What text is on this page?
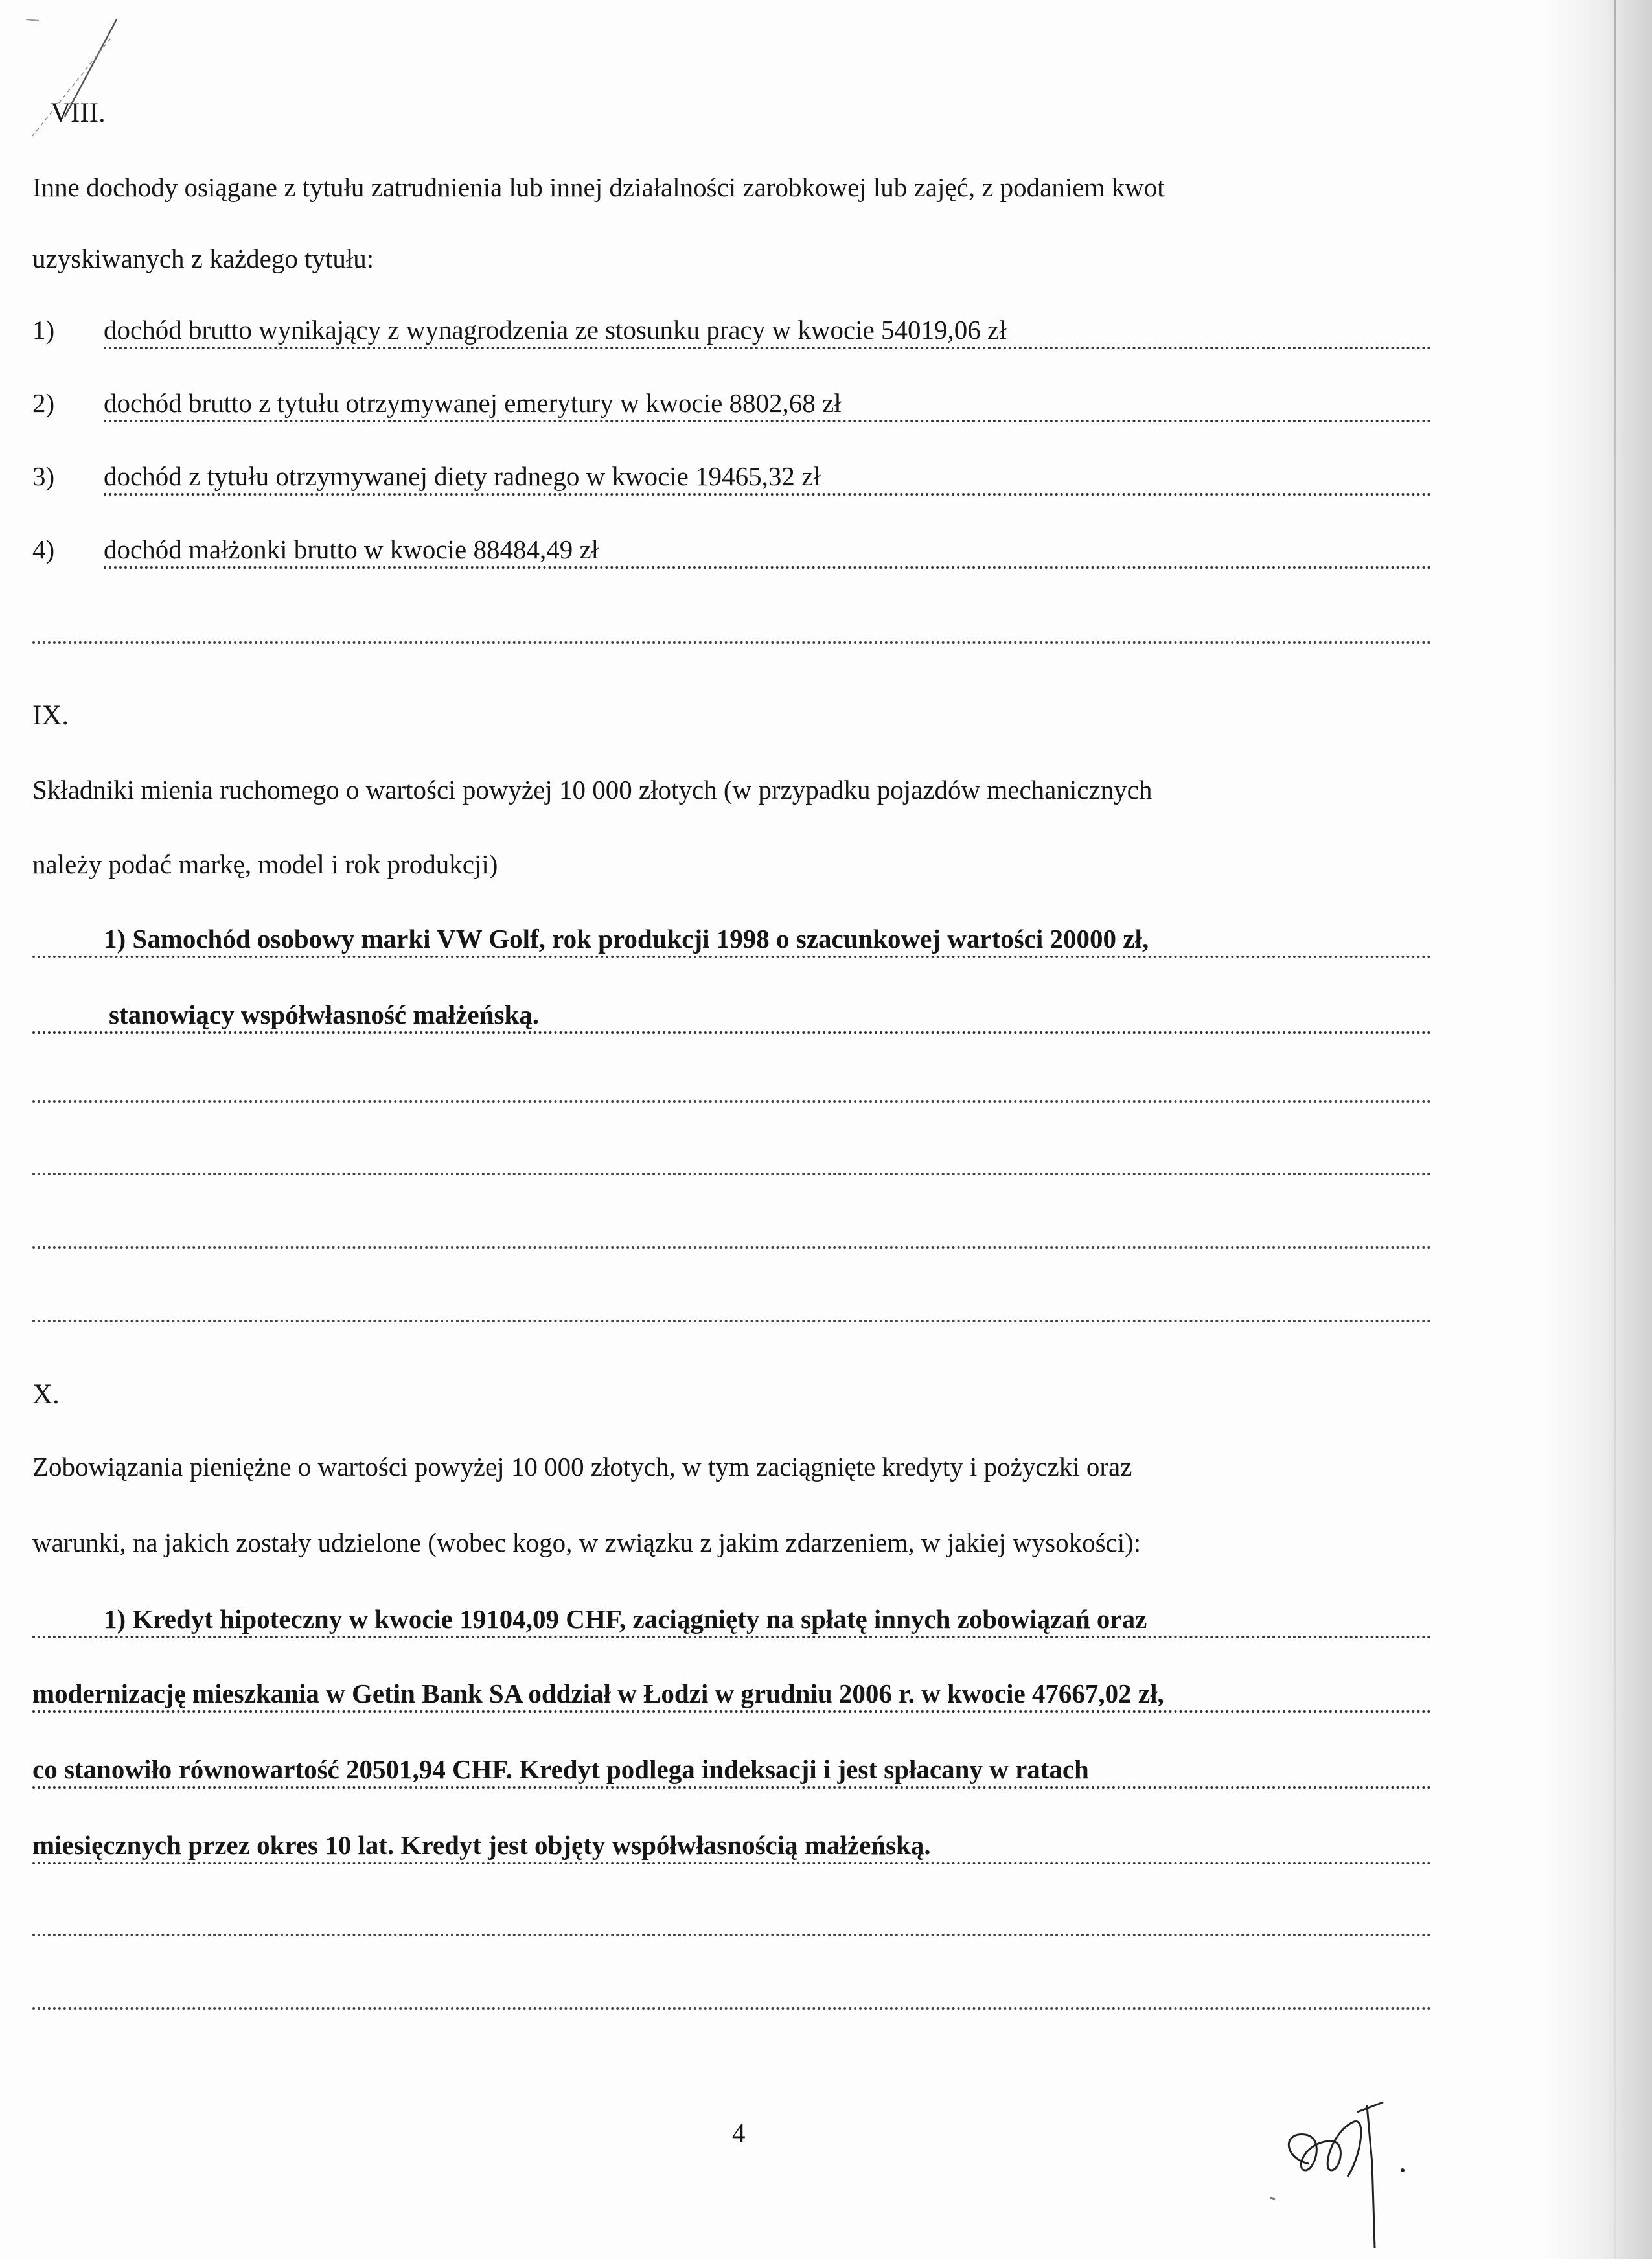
VIII.
Inne dochody osiągane z tytułu zatrudnienia lub innej działalności zarobkowej lub zajęć, z podaniem kwot
uzyskiwanych z każdego tytułu:
1) dochód brutto wynikający z wynagrodzenia ze stosunku pracy w kwocie 54019,06 zł
2) dochód brutto z tytułu otrzymywanej emerytury w kwocie 8802,68 zł
3) dochód z tytułu otrzymywanej diety radnego w kwocie 19465,32 zł
4) dochód małżonki brutto w kwocie 88484,49 zł
IX.
Składniki mienia ruchomego o wartości powyżej 10 000 złotych (w przypadku pojazdów mechanicznych
należy podać markę, model i rok produkcji)
1) Samochód osobowy marki VW Golf, rok produkcji 1998 o szacunkowej wartości 20000 zł,
stanowiący współwłasność małżeńską.
X.
Zobowiązania pieniężne o wartości powyżej 10 000 złotych, w tym zaciągnięte kredyty i pożyczki oraz
warunki, na jakich zostały udzielone (wobec kogo, w związku z jakim zdarzeniem, w jakiej wysokości):
1) Kredyt hipoteczny w kwocie 19104,09 CHF, zaciągnięty na spłatę innych zobowiązań oraz
modernizację mieszkania w Getin Bank SA oddział w Łodzi w grudniu 2006 r. w kwocie 47667,02 zł,
co stanowiło równowartość 20501,94 CHF. Kredyt podlega indeksacji i jest spłacany w ratach
miesięcznych przez okres 10 lat. Kredyt jest objęty współwłasnością małżeńską.
4
